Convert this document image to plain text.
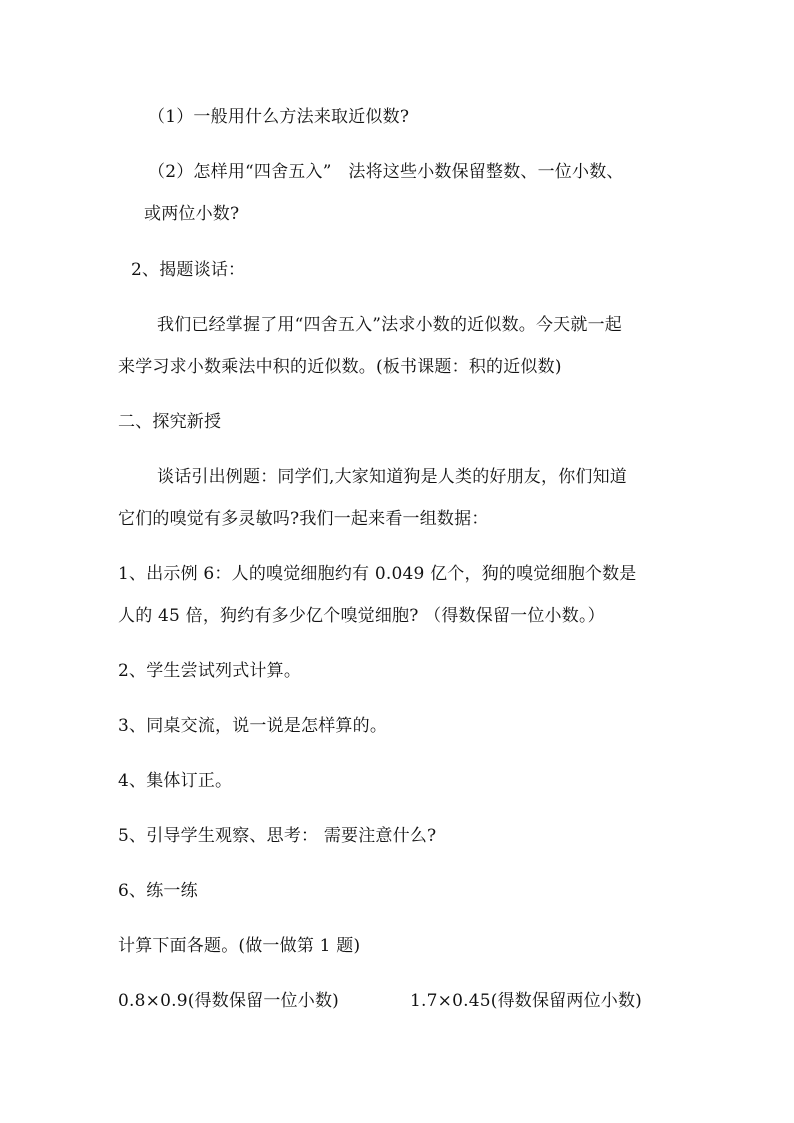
（1）一般用什么方法来取近似数?
（2）怎样用“四舍五入”   法将这些小数保留整数、一位小数、
或两位小数?
2、揭题谈话：
我们已经掌握了用“四舍五入”法求小数的近似数。今天就一起
来学习求小数乘法中积的近似数。(板书课题：积的近似数)
二、探究新授
谈话引出例题：同学们,大家知道狗是人类的好朋友，你们知道
它们的嗅觉有多灵敏吗?我们一起来看一组数据：
1、出示例 6：人的嗅觉细胞约有 0.049 亿个，狗的嗅觉细胞个数是
人的 45 倍，狗约有多少亿个嗅觉细胞? （得数保留一位小数。）
2、学生尝试列式计算。
3、同桌交流，说一说是怎样算的。
4、集体订正。
5、引导学生观察、思考： 需要注意什么?
6、练一练
计算下面各题。(做一做第 1 题)
0.8×0.9(得数保留一位小数)	1.7×0.45(得数保留两位小数)
